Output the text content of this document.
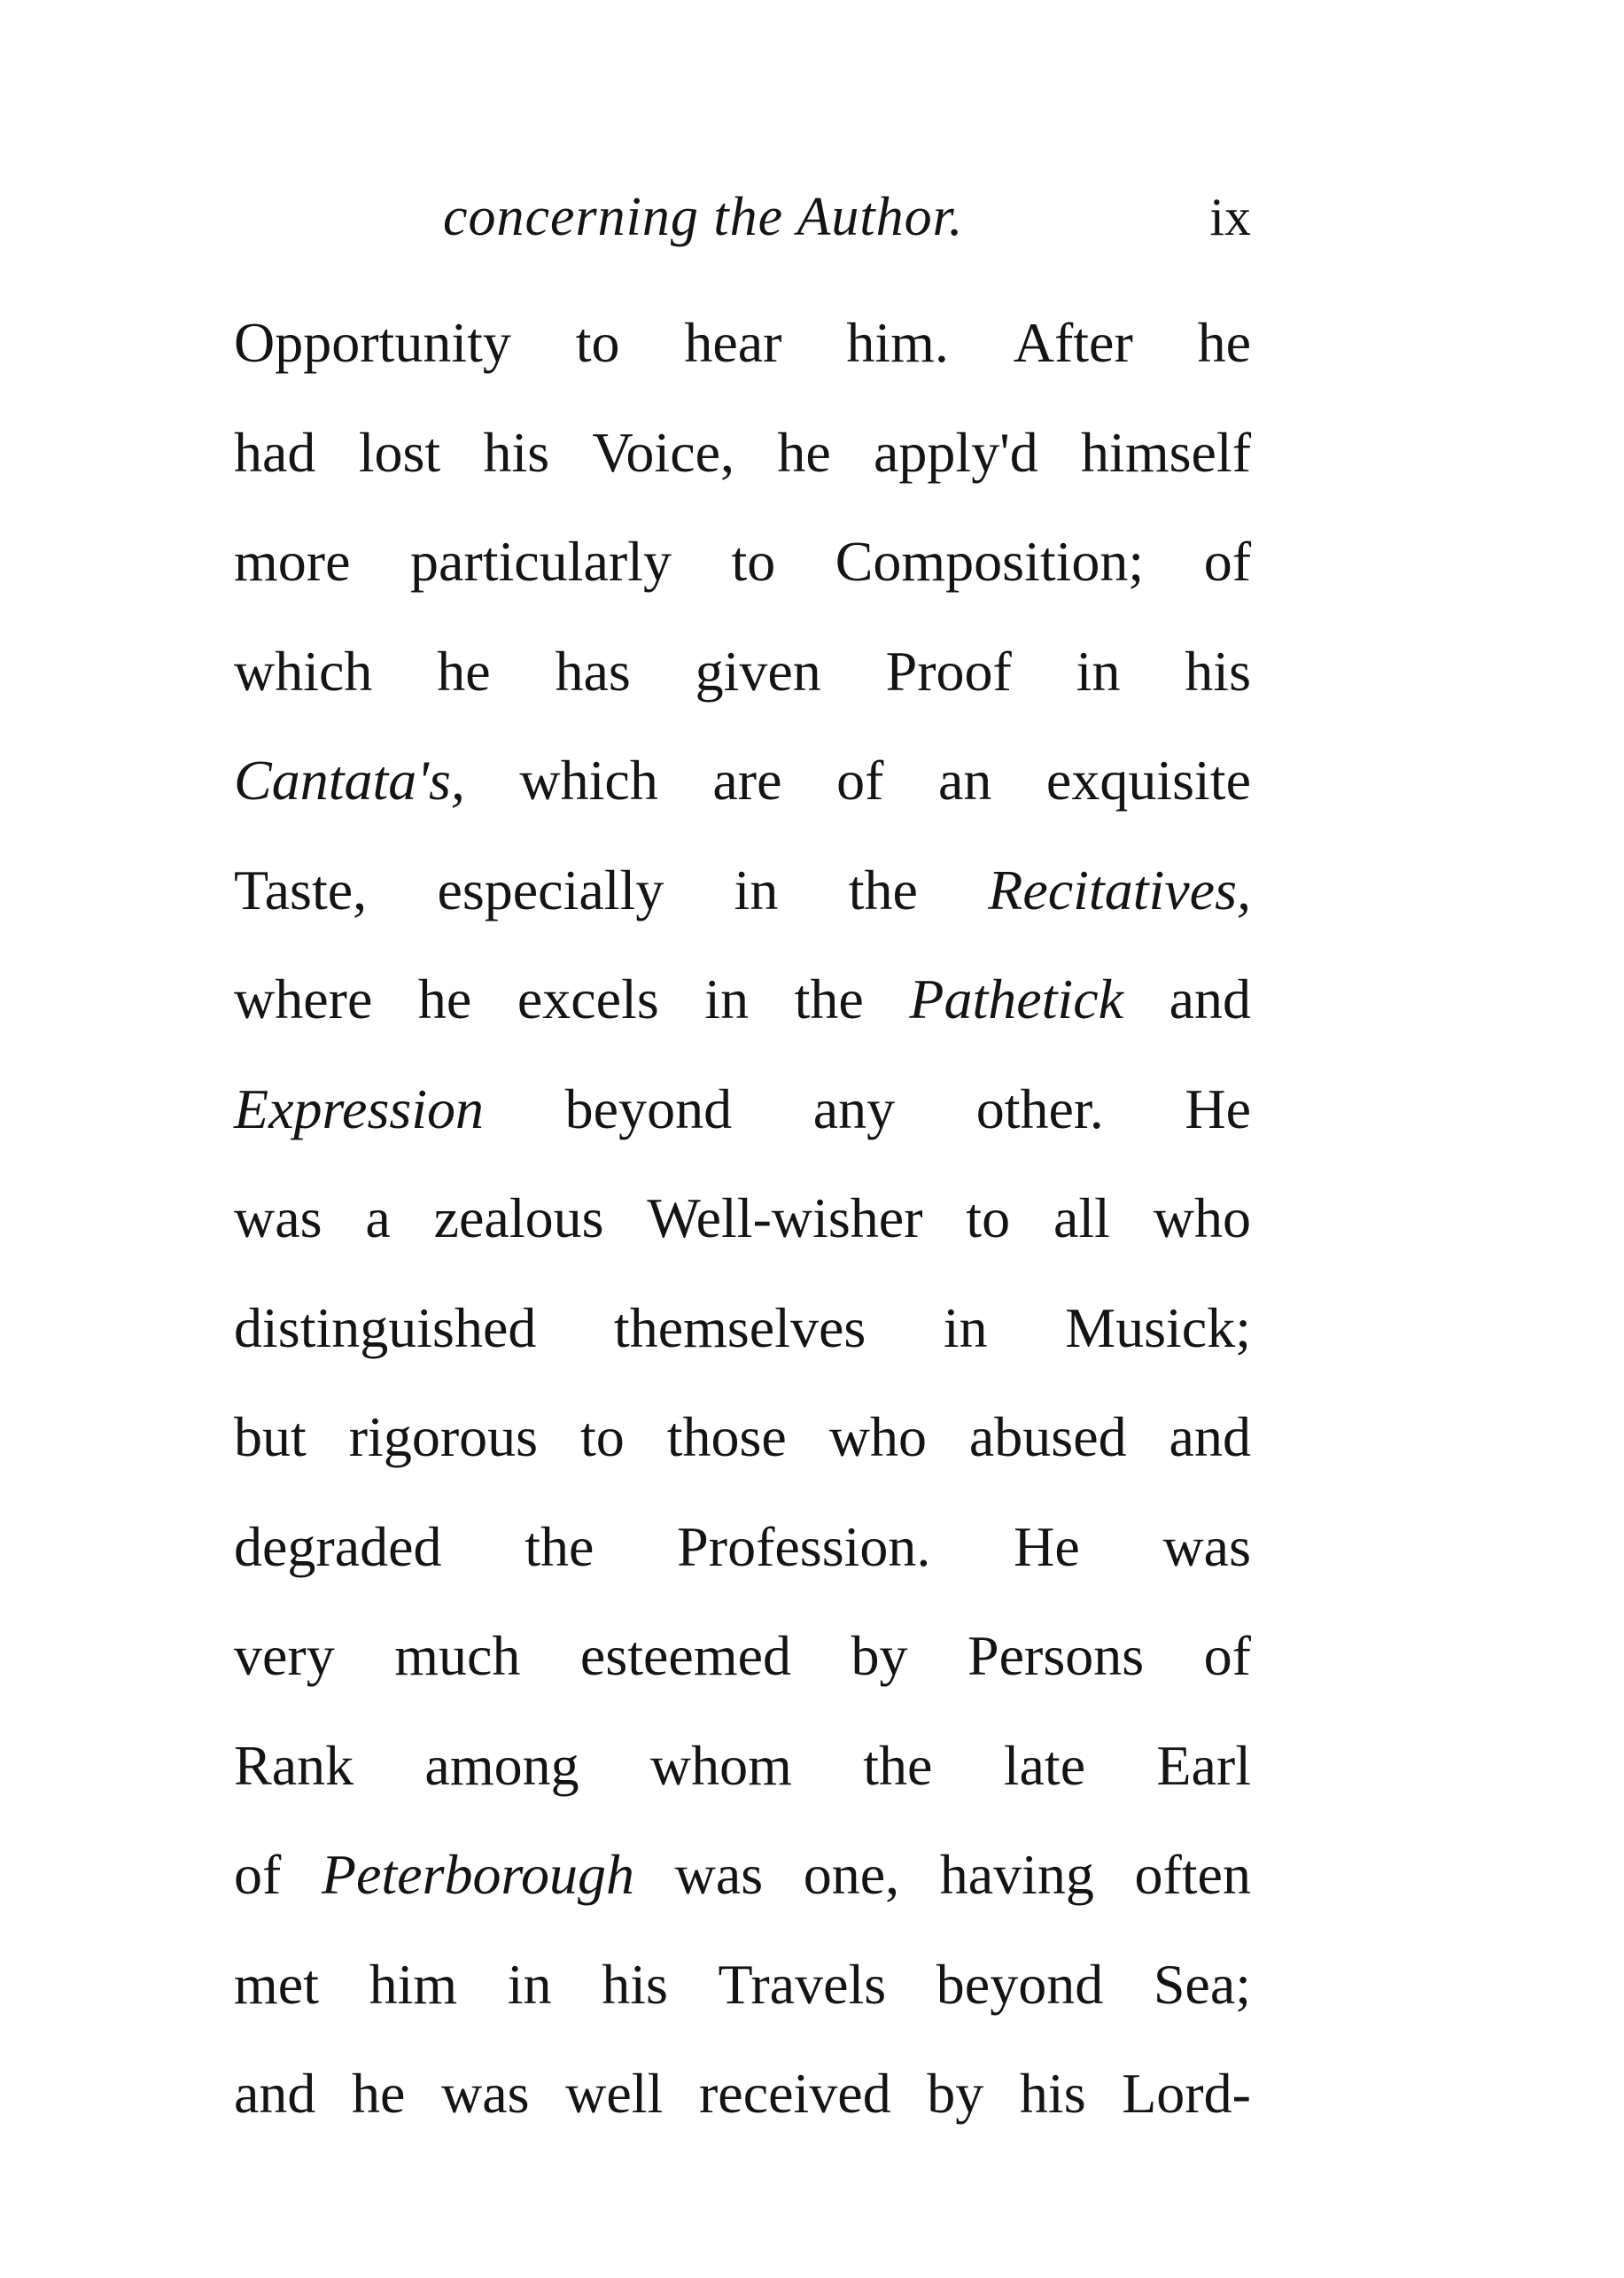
concerning the Author.	ix
Opportunity to hear him. After he
had lost his Voice, he apply'd himself
more particularly to Composition; of
which he has given Proof in his
Cantata's, which are of an exquisite
Taste, especially in the Recitatives,
where he excels in the Pathetick and
Expression beyond any other. He
was a zealous Well-wisher to all who
distinguished themselves in Musick;
but rigorous to those who abused and
degraded the Profession. He was
very much esteemed by Persons of
Rank among whom the late Earl
of Peterborough was one, having often
met him in his Travels beyond Sea;
and he was well received by his Lord-
